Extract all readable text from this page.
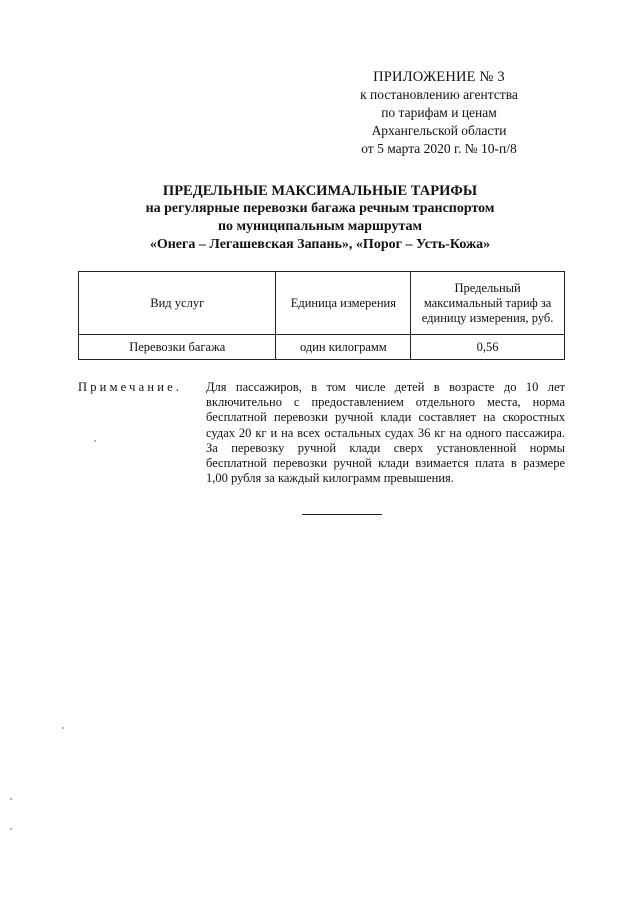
ПРИЛОЖЕНИЕ № 3
к постановлению агентства
по тарифам и ценам
Архангельской области
от 5 марта 2020 г. № 10-п/8
ПРЕДЕЛЬНЫЕ МАКСИМАЛЬНЫЕ ТАРИФЫ
на регулярные перевозки багажа речным транспортом
по муниципальным маршрутам
«Онега – Легашевская Запань», «Порог – Усть-Кожа»
Вид услуг	Единица измерения	Предельный максимальный тариф за единицу измерения, руб.
Перевозки багажа	один килограмм	0,56
Примечание. Для пассажиров, в том числе детей в возрасте до 10 лет включительно с предоставлением отдельного места, норма бесплатной перевозки ручной клади составляет на скоростных судах 20 кг и на всех остальных судах 36 кг на одного пассажира. За перевозку ручной клади сверх установленной нормы бесплатной перевозки ручной клади взимается плата в размере 1,00 рубля за каждый килограмм превышения.
